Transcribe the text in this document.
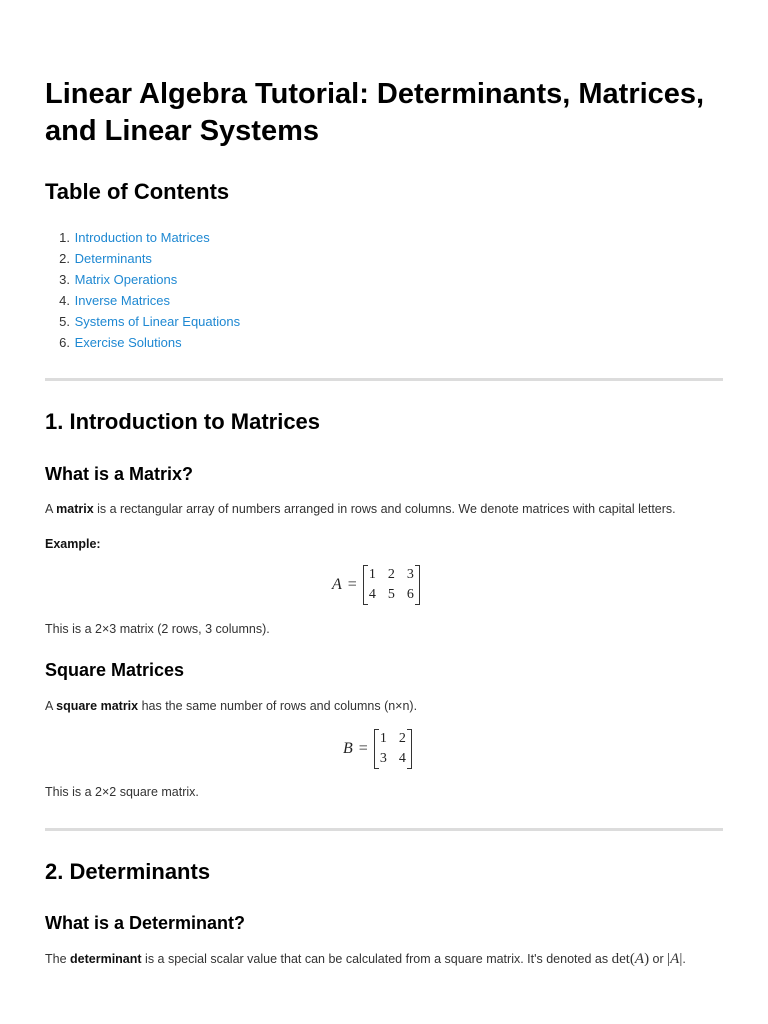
Linear Algebra Tutorial: Determinants, Matrices, and Linear Systems
Table of Contents
1. Introduction to Matrices
2. Determinants
3. Matrix Operations
4. Inverse Matrices
5. Systems of Linear Equations
6. Exercise Solutions
1. Introduction to Matrices
What is a Matrix?

A matrix is a rectangular array of numbers arranged in rows and columns. We denote matrices with capital letters.

Example:

A =
1 2 3
4 5 6

This is a 2×3 matrix (2 rows, 3 columns).

Square Matrices

A square matrix has the same number of rows and columns (n×n).

B =
1 2
3 4

This is a 2×2 square matrix.

2. Determinants
What is a Determinant?

The determinant is a special scalar value that can be calculated from a square matrix. It's denoted as det(A) or |A|.
